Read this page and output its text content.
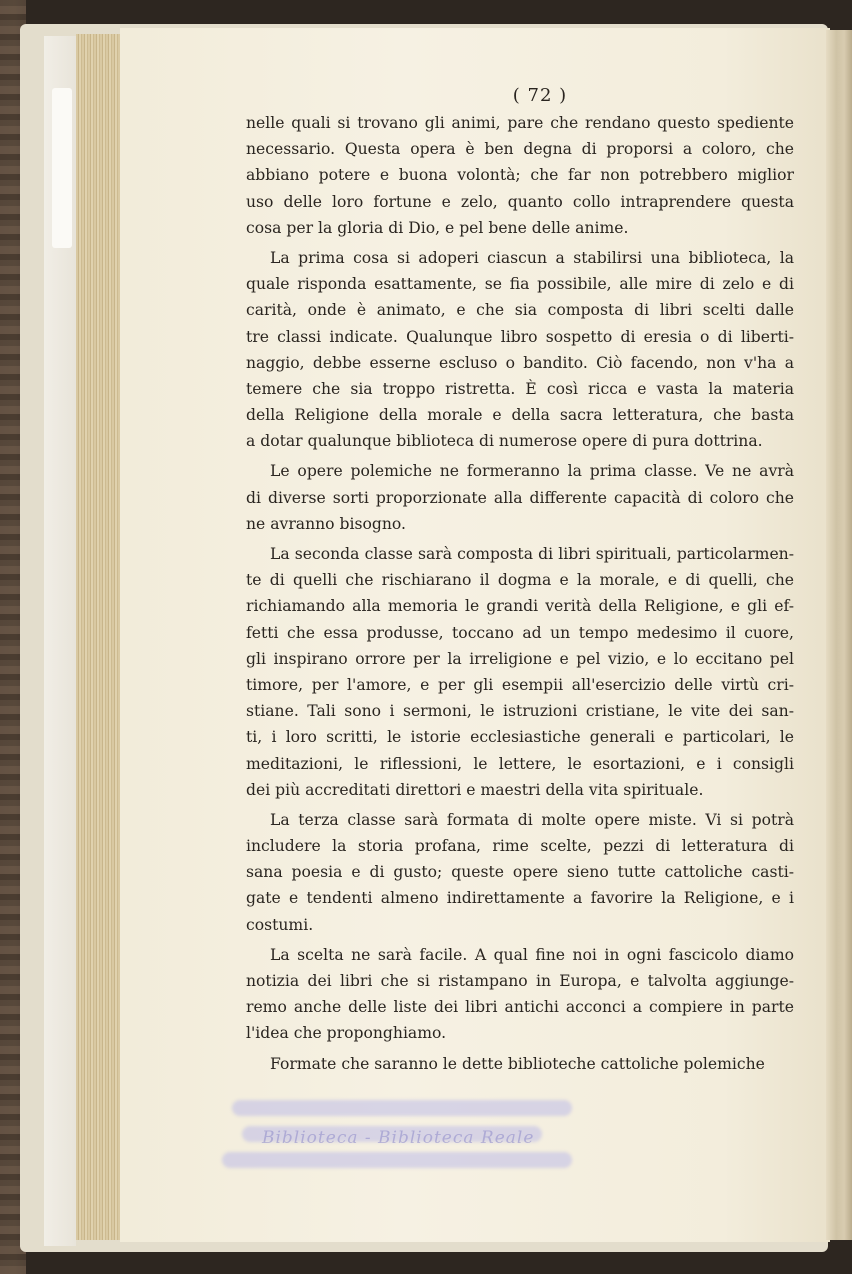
( 72 )
nelle quali si trovano gli animi, pare che rendano questo spediente
necessario. Questa opera è ben degna di proporsi a coloro, che
abbiano potere e buona volontà; che far non potrebbero miglior
uso delle loro fortune e zelo, quanto collo intraprendere questa
cosa per la gloria di Dio, e pel bene delle anime.
La prima cosa si adoperi ciascun a stabilirsi una biblioteca, la
quale risponda esattamente, se fia possibile, alle mire di zelo e di
carità, onde è animato, e che sia composta di libri scelti dalle
tre classi indicate. Qualunque libro sospetto di eresia o di liberti-
naggio, debbe esserne escluso o bandito. Ciò facendo, non v'ha a
temere che sia troppo ristretta. È così ricca e vasta la materia
della Religione della morale e della sacra letteratura, che basta
a dotar qualunque biblioteca di numerose opere di pura dottrina.
Le opere polemiche ne formeranno la prima classe. Ve ne avrà
di diverse sorti proporzionate alla differente capacità di coloro che
ne avranno bisogno.
La seconda classe sarà composta di libri spirituali, particolarmen-
te di quelli che rischiarano il dogma e la morale, e di quelli, che
richiamando alla memoria le grandi verità della Religione, e gli ef-
fetti che essa produsse, toccano ad un tempo medesimo il cuore,
gli inspirano orrore per la irreligione e pel vizio, e lo eccitano pel
timore, per l'amore, e per gli esempii all'esercizio delle virtù cri-
stiane. Tali sono i sermoni, le istruzioni cristiane, le vite dei san-
ti, i loro scritti, le istorie ecclesiastiche generali e particolari, le
meditazioni, le riflessioni, le lettere, le esortazioni, e i consigli
dei più accreditati direttori e maestri della vita spirituale.
La terza classe sarà formata di molte opere miste. Vi si potrà
includere la storia profana, rime scelte, pezzi di letteratura di
sana poesia e di gusto; queste opere sieno tutte cattoliche casti-
gate e tendenti almeno indirettamente a favorire la Religione, e i
costumi.
La scelta ne sarà facile. A qual fine noi in ogni fascicolo diamo
notizia dei libri che si ristampano in Europa, e talvolta aggiunge-
remo anche delle liste dei libri antichi acconci a compiere in parte
l'idea che proponghiamo.
Formate che saranno le dette biblioteche cattoliche polemiche
Biblioteca - Biblioteca Reale
